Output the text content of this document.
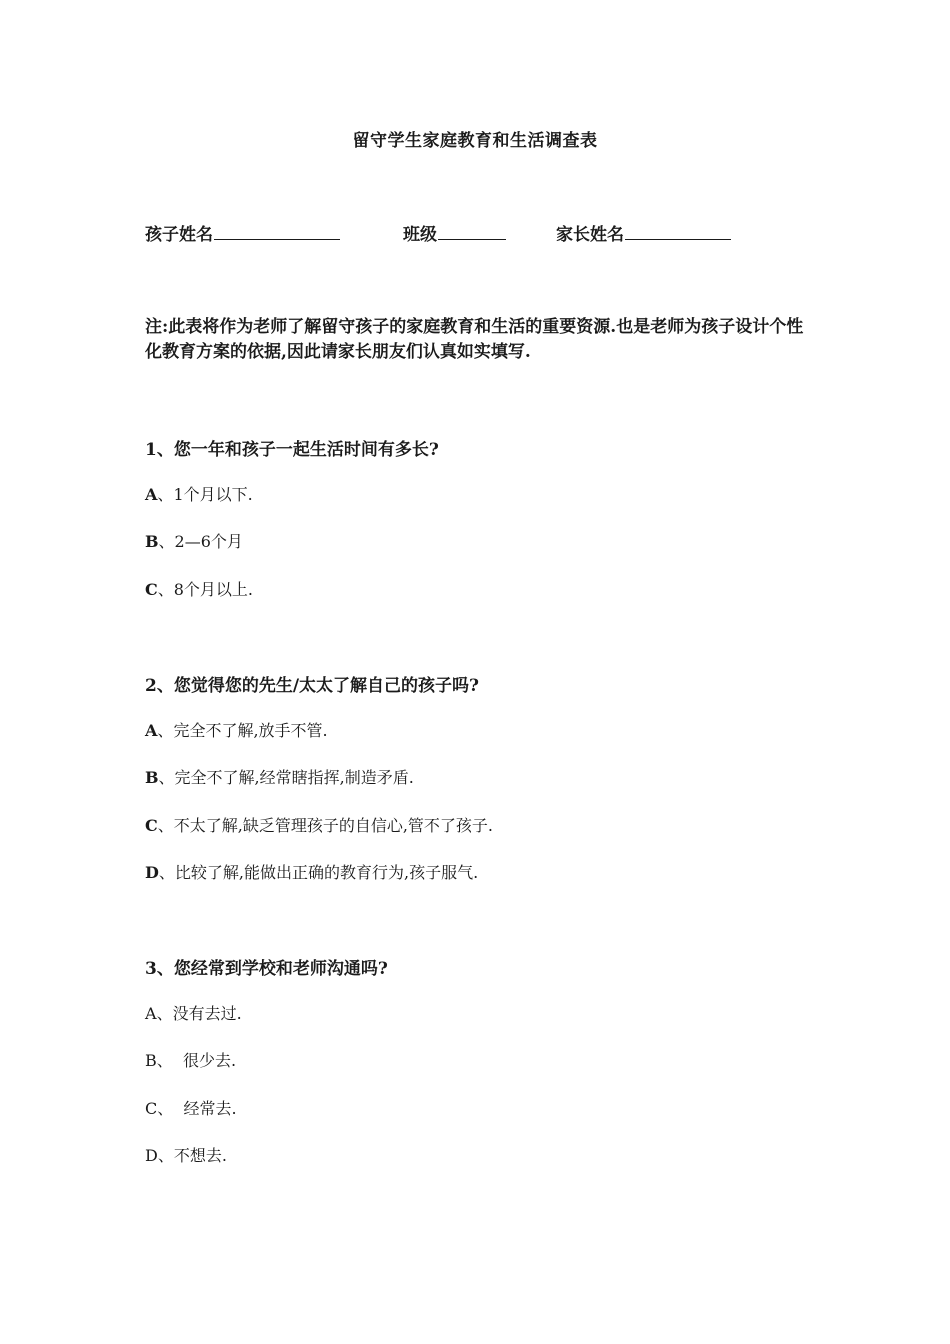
留守学生家庭教育和生活调查表
孩子姓名	班级	家长姓名
注:此表将作为老师了解留守孩子的家庭教育和生活的重要资源.也是老师为孩子设计个性化教育方案的依据,因此请家长朋友们认真如实填写.
1、您一年和孩子一起生活时间有多长?
A、1个月以下.
B、2—6个月
C、8个月以上.
2、您觉得您的先生/太太了解自己的孩子吗?
A、完全不了解,放手不管.
B、完全不了解,经常瞎指挥,制造矛盾.
C、不太了解,缺乏管理孩子的自信心,管不了孩子.
D、比较了解,能做出正确的教育行为,孩子服气.
3、您经常到学校和老师沟通吗?
A、没有去过.
B、  很少去.
C、  经常去.
D、不想去.
